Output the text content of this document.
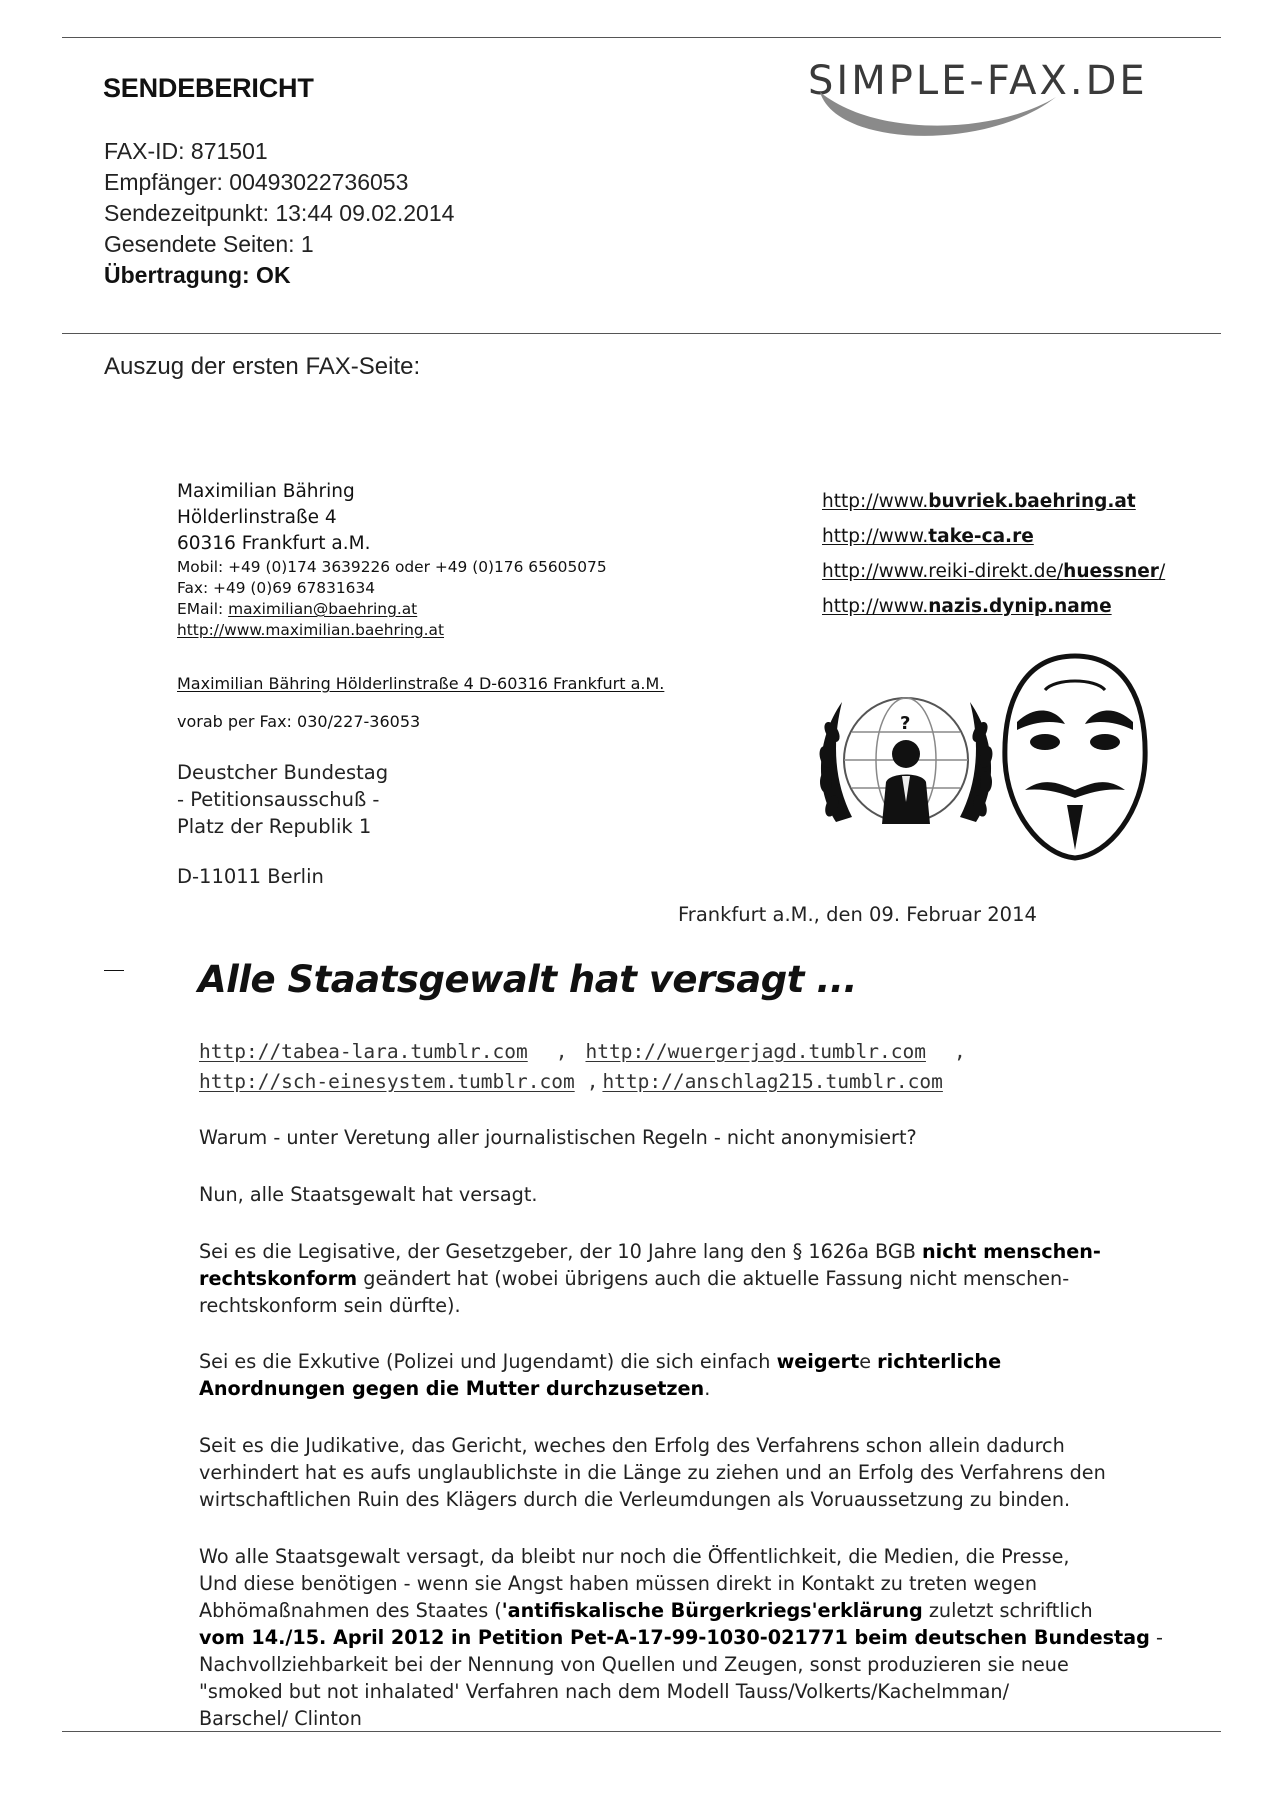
SENDEBERICHT
FAX-ID: 871501
Empfänger: 00493022736053
Sendezeitpunkt: 13:44 09.02.2014
Gesendete Seiten: 1
Übertragung: OK
Auszug der ersten FAX-Seite:
SIMPLE-FAX.DE
Maximilian Bähring
Hölderlinstraße 4
60316 Frankfurt a.M.
Mobil: +49 (0)174 3639226 oder +49 (0)176 65605075
Fax: +49 (0)69 67831634
EMail: maximilian@baehring.at
http://www.maximilian.baehring.at
Maximilian Bähring Hölderlinstraße 4 D-60316 Frankfurt a.M.
vorab per Fax: 030/227-36053
http://www.buvriek.baehring.at
http://www.take-ca.re
http://www.reiki-direkt.de/huessner/
http://www.nazis.dynip.name
?
Deustcher Bundestag
- Petitionsausschuß -
Platz der Republik 1
D-11011 Berlin
Frankfurt a.M., den 09. Februar 2014
Alle Staatsgewalt hat versagt ...
http://tabea-lara.tumblr.com , http://wuergerjagd.tumblr.com ,
http://sch-einesystem.tumblr.com , http://anschlag215.tumblr.com
Warum - unter Veretung aller journalistischen Regeln - nicht anonymisiert?
Nun, alle Staatsgewalt hat versagt.
Sei es die Legisative, der Gesetzgeber, der 10 Jahre lang den § 1626a BGB nicht menschen-
rechtskonform geändert hat (wobei übrigens auch die aktuelle Fassung nicht menschen-
rechtskonform sein dürfte).
Sei es die Exkutive (Polizei und Jugendamt) die sich einfach weigerte richterliche
Anordnungen gegen die Mutter durchzusetzen.
Seit es die Judikative, das Gericht, weches den Erfolg des Verfahrens schon allein dadurch
verhindert hat es aufs unglaublichste in die Länge zu ziehen und an Erfolg des Verfahrens den
wirtschaftlichen Ruin des Klägers durch die Verleumdungen als Voruaussetzung zu binden.
Wo alle Staatsgewalt versagt, da bleibt nur noch die Öffentlichkeit, die Medien, die Presse,
Und diese benötigen - wenn sie Angst haben müssen direkt in Kontakt zu treten wegen
Abhömaßnahmen des Staates ('antifiskalische Bürgerkriegs'erklärung zuletzt schriftlich
vom 14./15. April 2012 in Petition Pet-A-17-99-1030-021771 beim deutschen Bundestag -
Nachvollziehbarkeit bei der Nennung von Quellen und Zeugen, sonst produzieren sie neue
"smoked but not inhalated' Verfahren nach dem Modell Tauss/Volkerts/Kachelmman/
Barschel/ Clinton
